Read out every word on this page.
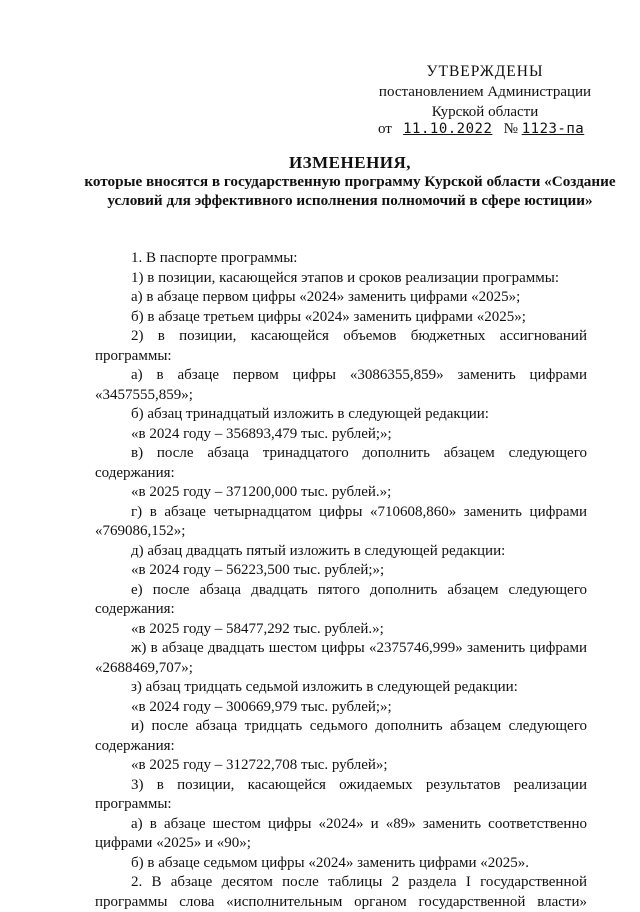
УТВЕРЖДЕНЫ
постановлением Администрации
Курской области
от 11.10.2022 № 1123-па
ИЗМЕНЕНИЯ,
которые вносятся в государственную программу Курской области «Создание условий для эффективного исполнения полномочий в сфере юстиции»

1. В паспорте программы:

1) в позиции, касающейся этапов и сроков реализации программы:

а) в абзаце первом цифры «2024» заменить цифрами «2025»;

б) в абзаце третьем цифры «2024» заменить цифрами «2025»;

2) в позиции, касающейся объемов бюджетных ассигнований программы:

а) в абзаце первом цифры «3086355,859» заменить цифрами «3457555,859»;

б) абзац тринадцатый изложить в следующей редакции:

«в 2024 году – 356893,479 тыс. рублей;»;

в) после абзаца тринадцатого дополнить абзацем следующего содержания:

«в 2025 году – 371200,000 тыс. рублей.»;

г) в абзаце четырнадцатом цифры «710608,860» заменить цифрами «769086,152»;

д) абзац двадцать пятый изложить в следующей редакции:

«в 2024 году – 56223,500 тыс. рублей;»;

е) после абзаца двадцать пятого дополнить абзацем следующего содержания:

«в 2025 году – 58477,292 тыс. рублей.»;

ж) в абзаце двадцать шестом цифры «2375746,999» заменить цифрами «2688469,707»;

з) абзац тридцать седьмой изложить в следующей редакции:

«в 2024 году – 300669,979 тыс. рублей;»;

и) после абзаца тридцать седьмого дополнить абзацем следующего содержания:

«в 2025 году – 312722,708 тыс. рублей»;

3) в позиции, касающейся ожидаемых результатов реализации программы:

а) в абзаце шестом цифры «2024» и «89» заменить соответственно цифрами «2025» и «90»;

б) в абзаце седьмом цифры «2024» заменить цифрами «2025».

2. В абзаце десятом после таблицы 2 раздела I государственной программы слова «исполнительным органом государственной власти»
